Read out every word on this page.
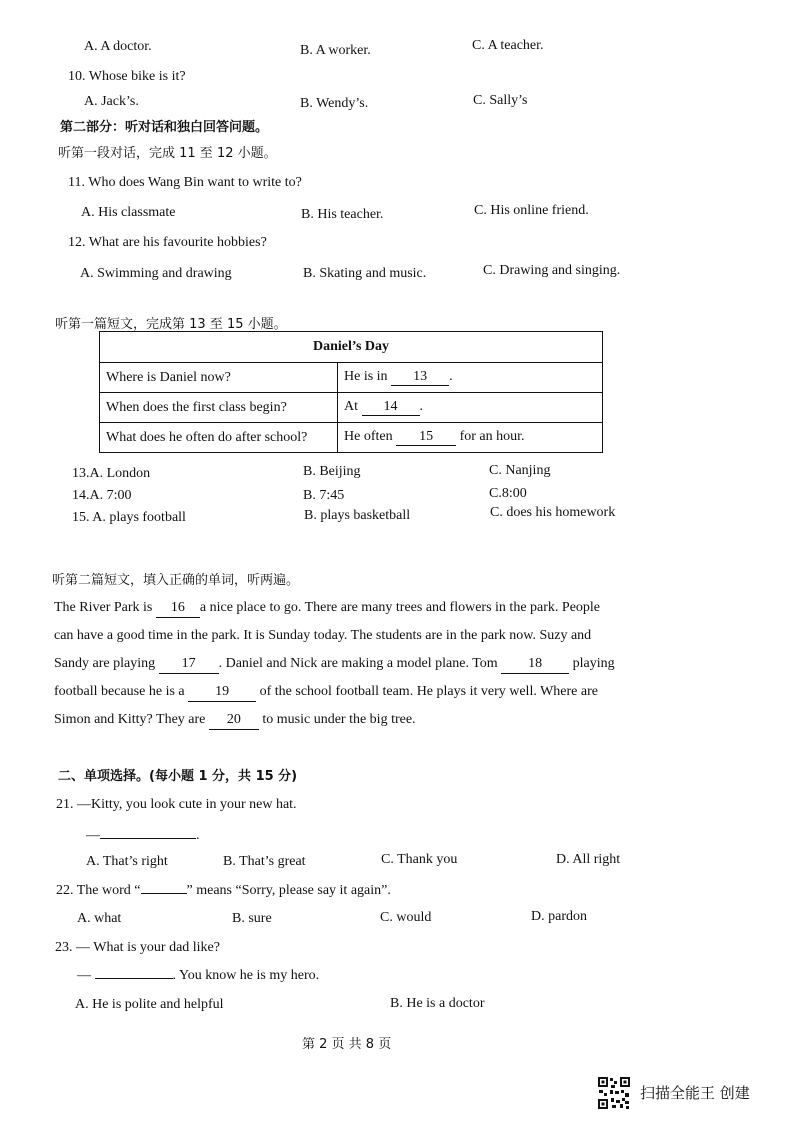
A. A doctor.	B. A worker.	C. A teacher.
10. Whose bike is it?
A. Jack’s.	B. Wendy’s.	C. Sally’s
第二部分：听对话和独白回答问题。
听第一段对话，完成 11 至 12 小题。
11. Who does Wang Bin want to write to?
A. His classmate	B. His teacher.	C. His online friend.
12. What are his favourite hobbies?
A. Swimming and drawing	B. Skating and music.	C. Drawing and singing.
听第一篇短文，完成第 13 至 15 小题。
Daniel’s Day	
Where is Daniel now?	He is in 13 .
When does the first class begin?	At 14 .
What does he often do after school?	He often 15 for an hour.
13.A. London	B. Beijing	C. Nanjing
14.A. 7:00	B. 7:45	C.8:00
15. A. plays football	B. plays basketball	C. does his homework
听第二篇短文，填入正确的单词，听两遍。
The River Park is 16 a nice place to go. There are many trees and flowers in the park. People
can have a good time in the park. It is Sunday today. The students are in the park now. Suzy and
Sandy are playing 17 . Daniel and Nick are making a model plane. Tom 18 playing
football because he is a 19 of the school football team. He plays it very well. Where are
Simon and Kitty? They are 20 to music under the big tree.
二、单项选择。(每小题 1 分，共 15 分)
21. —Kitty, you look cute in your new hat.
—	.
A. That’s right	B. That’s great	C. Thank you	D. All right
22. The word “	” means “Sorry, please say it again”.
A. what	B. sure	C. would	D. pardon
23. — What is your dad like?
—	. You know he is my hero.
A. He is polite and helpful	B. He is a doctor
第 2 页 共 8 页
扫描全能王 创建
